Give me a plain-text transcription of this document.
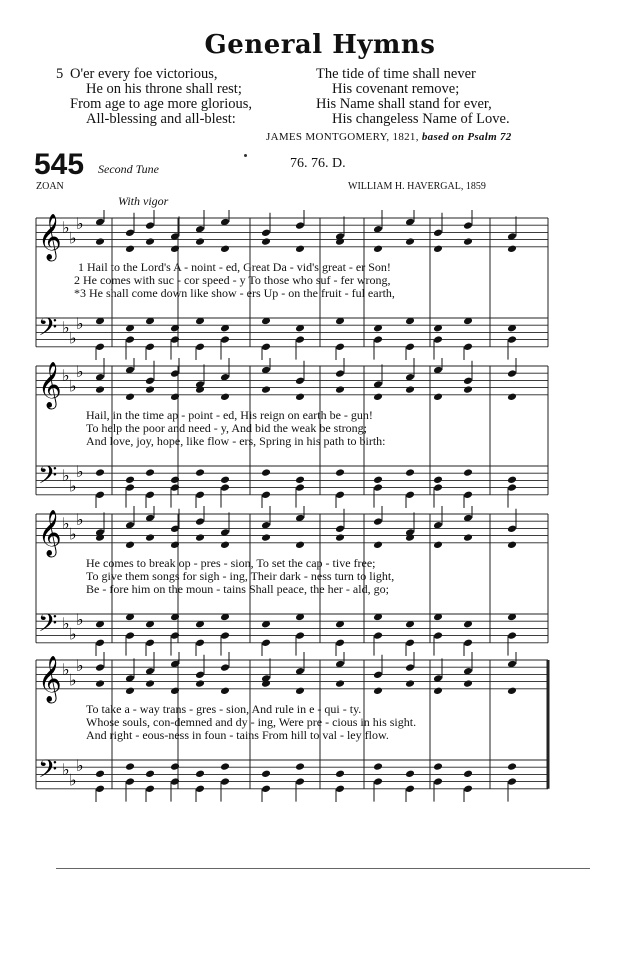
General Hymns
5 O'er every foe victorious,
He on his throne shall rest;
From age to age more glorious,
All-blessing and all-blest:
The tide of time shall never
His covenant remove;
His Name shall stand for ever,
His changeless Name of Love.
JAMES MONTGOMERY, 1821, based on Psalm 72
545 Second Tune	76. 76. D.
ZOAN	WILLIAM H. HAVERGAL, 1859
With vigor
𝄞 ♭
♭
♭
𝄢 ♭
♭
♭
1 Hail to the Lord's A - noint - ed, Great Da - vid's great - er Son!
2 He comes with suc - cor speed - y To those who suf - fer wrong,
*3 He shall come down like show - ers Up - on the fruit - ful earth,
𝄞 ♭
♭
♭
𝄢 ♭
♭
♭
Hail, in the time ap - point - ed, His reign on earth be - gun!
To help the poor and need - y, And bid the weak be strong;
And love, joy, hope, like flow - ers, Spring in his path to birth:
𝄞 ♭
♭
♭
𝄢 ♭
♭
♭
He comes to break op - pres - sion, To set the cap - tive free;
To give them songs for sigh - ing, Their dark - ness turn to light,
Be - fore him on the moun - tains Shall peace, the her - ald, go;
𝄞 ♭
♭
♭
𝄢 ♭
♭
♭
To take a - way trans - gres - sion, And rule in e - qui - ty.
Whose souls, con-demned and dy - ing, Were pre - cious in his sight.
And right - eous-ness in foun - tains From hill to val - ley flow.
